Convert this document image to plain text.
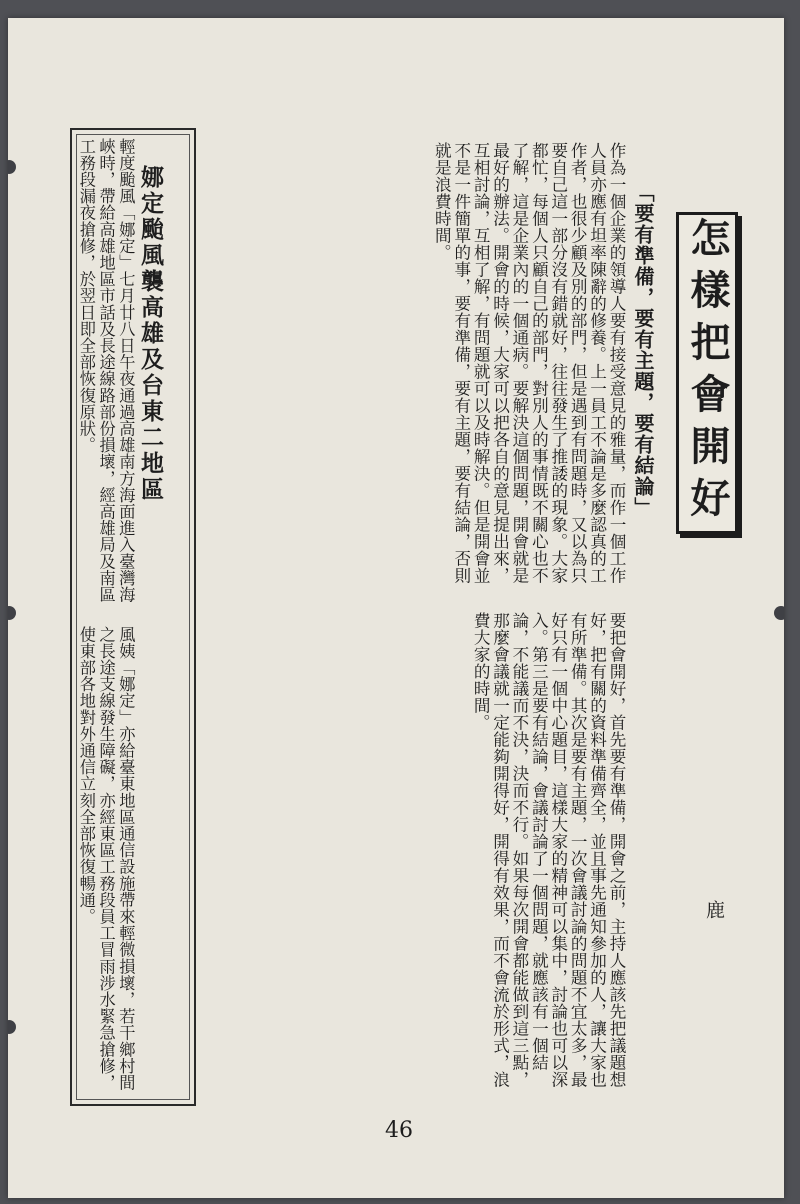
怎樣把會開好
「要有準備，要有主題，要有結論」
鹿
作為一個企業的領導人要有接受意見的雅量，而作一個工作人員亦應有坦率陳辭的修養。上一員工不論是多麼認真的工作者，也很少顧及別的部門，但是遇到有問題時，又以為只要自己這一部分沒有錯就好，往往發生了推諉的現象。大家都忙，每個人只顧自己的部門，對別人的事情既不關心也不了解，這是企業內的一個通病。要解決這個問題，開會就是最好的辦法。開會的時候，大家可以把各自的意見提出來，互相討論，互相了解，有問題就可以及時解決。但是開會並不是一件簡單的事，要有準備，要有主題，要有結論，否則就是浪費時間。
要把會開好，首先要有準備，開會之前，主持人應該先把議題想好，把有關的資料準備齊全，並且事先通知參加的人，讓大家也有所準備。其次是要有主題，一次會議討論的問題不宜太多，最好只有一個中心題目，這樣大家的精神可以集中，討論也可以深入。第三是要有結論，會議討論了一個問題，就應該有一個結論，不能議而不決，決而不行。如果每次開會都能做到這三點，那麼會議就一定能夠開得好，開得有效果，而不會流於形式，浪費大家的時間。
娜定颱風襲高雄及台東二地區
輕度颱風「娜定」七月廿八日午夜通過高雄南方海面進入臺灣海峽時，帶給高雄地區市話及長途線路部份損壞，經高雄局及南區工務段漏夜搶修，於翌日即全部恢復原狀。
風姨「娜定」亦給臺東地區通信設施帶來輕微損壞，若干鄉村間之長途支線發生障礙，亦經東區工務段員工冒雨涉水緊急搶修，使東部各地對外通信立刻全部恢復暢通。
46
